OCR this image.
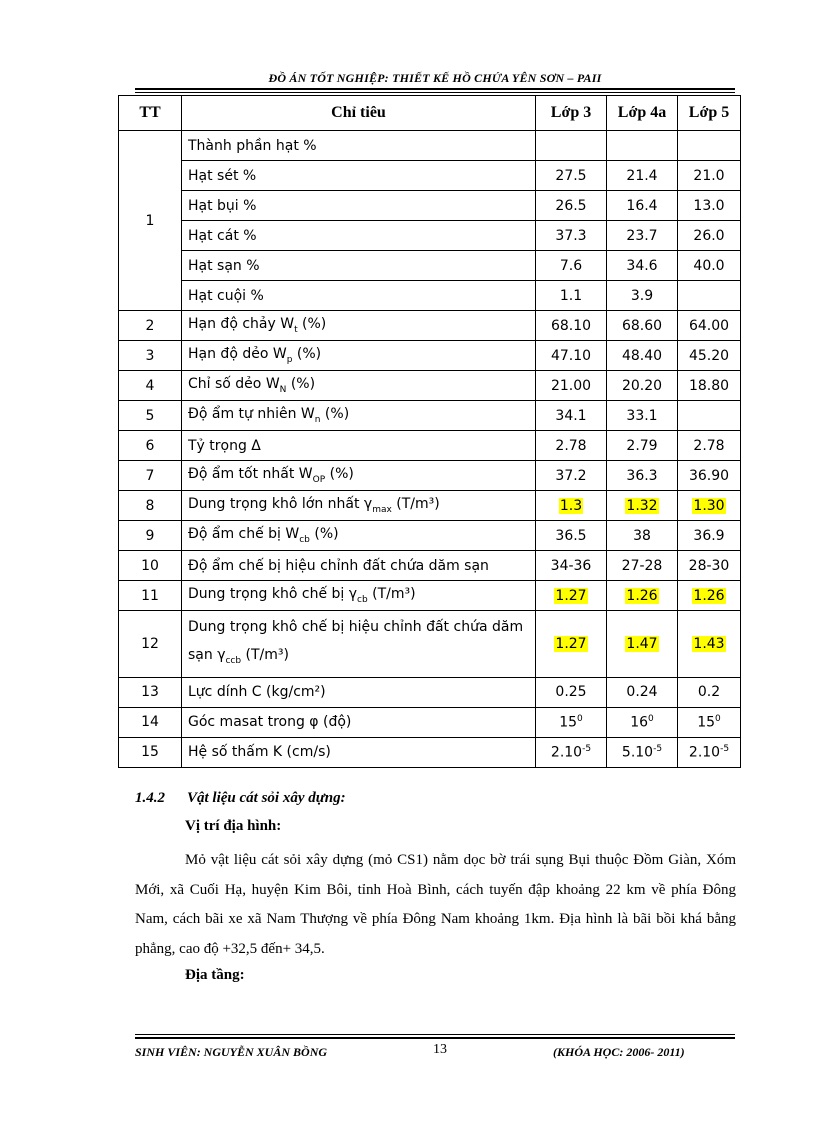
ĐỒ ÁN TỐT NGHIỆP: THIẾT KẾ HỒ CHỨA YÊN SƠN – PAII
TT	Chỉ tiêu	Lớp 3	Lớp 4a	Lớp 5
1	Thành phần hạt %			
	Hạt sét %	27.5	21.4	21.0
	Hạt bụi %	26.5	16.4	13.0
	Hạt cát %	37.3	23.7	26.0
	Hạt sạn %	7.6	34.6	40.0
	Hạt cuội %	1.1	3.9	
2	Hạn độ chảy $W_t$ (%)	68.10	68.60	64.00
3	Hạn độ dẻo $W_p$ (%)	47.10	48.40	45.20
4	Chỉ số dẻo $W_N$ (%)	21.00	20.20	18.80
5	Độ ẩm tự nhiên $W_n$ (%)	34.1	33.1	
6	Tỷ trọng Δ	2.78	2.79	2.78
7	Độ ẩm tốt nhất $W_{OP}$ (%)	37.2	36.3	36.90
8	Dung trọng khô lớn nhất $\gamma_{max}$ (T/m³)	1.3	1.32	1.30
9	Độ ẩm chế bị $W_{cb}$ (%)	36.5	38	36.9
10	Độ ẩm chế bị hiệu chỉnh đất chứa dăm sạn	34-36	27-28	28-30
11	Dung trọng khô chế bị $\gamma_{cb}$ (T/m³)	1.27	1.26	1.26
12	Dung trọng khô chế bị hiệu chỉnh đất chứa dăm
sạn $\gamma_{ccb}$ (T/m³)	1.27	1.47	1.43
13	Lực dính C (kg/cm²)	0.25	0.24	0.2
14	Góc masat trong φ (độ)	$15^0$	$16^0$	$15^0$
15	Hệ số thấm K (cm/s)	$2.10^{-5}$	$5.10^{-5}$	$2.10^{-5}$
1.4.2 Vật liệu cát sỏi xây dựng:
Vị trí địa hình:
Mỏ vật liệu cát sỏi xây dựng (mỏ CS1) nằm dọc bờ trái sụng Bụi thuộc Đồm Giàn, Xóm Mới, xã Cuối Hạ, huyện Kim Bôi, tỉnh Hoà Bình, cách tuyến đập khoảng 22 km về phía Đông Nam, cách bãi xe xã Nam Thượng về phía Đông Nam khoảng 1km. Địa hình là bãi bồi khá bằng phẳng, cao độ +32,5 đến+ 34,5.
Địa tầng:
SINH VIÊN: NGUYỄN XUÂN BỒNG	13	(KHÓA HỌC: 2006- 2011)
